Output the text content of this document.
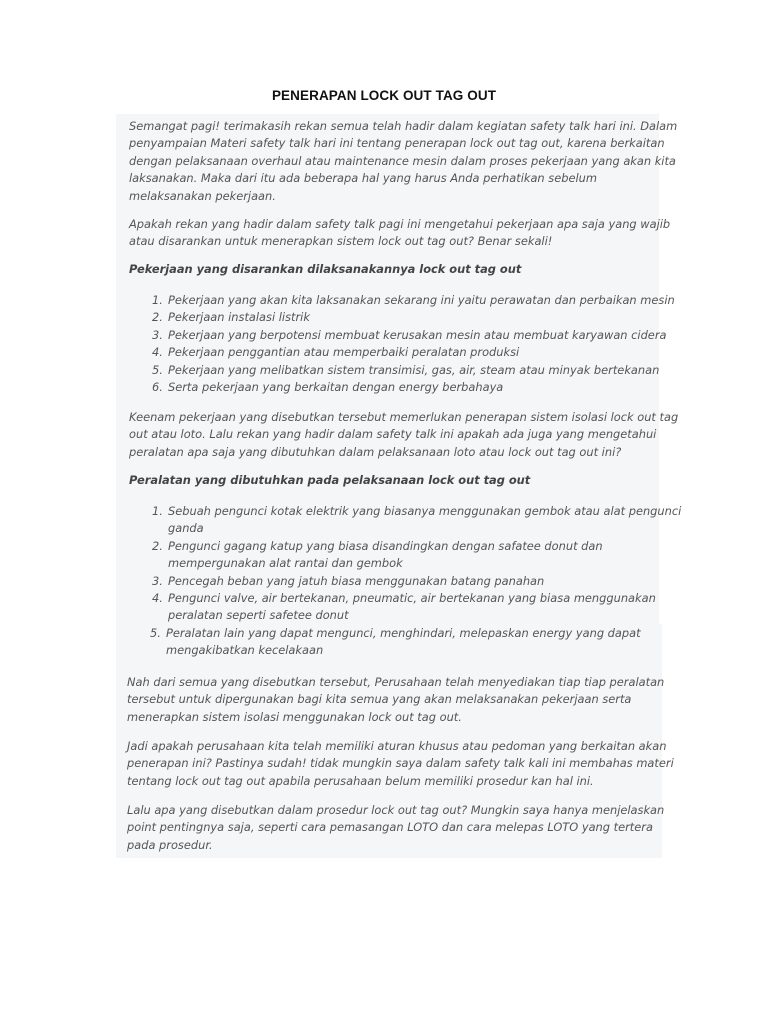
PENERAPAN LOCK OUT TAG OUT

Semangat pagi! terimakasih rekan semua telah hadir dalam kegiatan safety talk hari ini. Dalam
penyampaian Materi safety talk hari ini tentang penerapan lock out tag out, karena berkaitan
dengan pelaksanaan overhaul atau maintenance mesin dalam proses pekerjaan yang akan kita
laksanakan. Maka dari itu ada beberapa hal yang harus Anda perhatikan sebelum
melaksanakan pekerjaan.

Apakah rekan yang hadir dalam safety talk pagi ini mengetahui pekerjaan apa saja yang wajib
atau disarankan untuk menerapkan sistem lock out tag out? Benar sekali!

Pekerjaan yang disarankan dilaksanakannya lock out tag out

1. Pekerjaan yang akan kita laksanakan sekarang ini yaitu perawatan dan perbaikan mesin
2. Pekerjaan instalasi listrik
3. Pekerjaan yang berpotensi membuat kerusakan mesin atau membuat karyawan cidera
4. Pekerjaan penggantian atau memperbaiki peralatan produksi
5. Pekerjaan yang melibatkan sistem transimisi, gas, air, steam atau minyak bertekanan
6. Serta pekerjaan yang berkaitan dengan energy berbahaya

Keenam pekerjaan yang disebutkan tersebut memerlukan penerapan sistem isolasi lock out tag
out atau loto. Lalu rekan yang hadir dalam safety talk ini apakah ada juga yang mengetahui
peralatan apa saja yang dibutuhkan dalam pelaksanaan loto atau lock out tag out ini?

Peralatan yang dibutuhkan pada pelaksanaan lock out tag out

1. Sebuah pengunci kotak elektrik yang biasanya menggunakan gembok atau alat pengunci
ganda
2. Pengunci gagang katup yang biasa disandingkan dengan safatee donut dan
mempergunakan alat rantai dan gembok
3. Pencegah beban yang jatuh biasa menggunakan batang panahan
4. Pengunci valve, air bertekanan, pneumatic, air bertekanan yang biasa menggunakan
peralatan seperti safetee donut
5. Peralatan lain yang dapat mengunci, menghindari, melepaskan energy yang dapat
mengakibatkan kecelakaan

Nah dari semua yang disebutkan tersebut, Perusahaan telah menyediakan tiap tiap peralatan
tersebut untuk dipergunakan bagi kita semua yang akan melaksanakan pekerjaan serta
menerapkan sistem isolasi menggunakan lock out tag out.

Jadi apakah perusahaan kita telah memiliki aturan khusus atau pedoman yang berkaitan akan
penerapan ini? Pastinya sudah! tidak mungkin saya dalam safety talk kali ini membahas materi
tentang lock out tag out apabila perusahaan belum memiliki prosedur kan hal ini.

Lalu apa yang disebutkan dalam prosedur lock out tag out? Mungkin saya hanya menjelaskan
point pentingnya saja, seperti cara pemasangan LOTO dan cara melepas LOTO yang tertera
pada prosedur.
